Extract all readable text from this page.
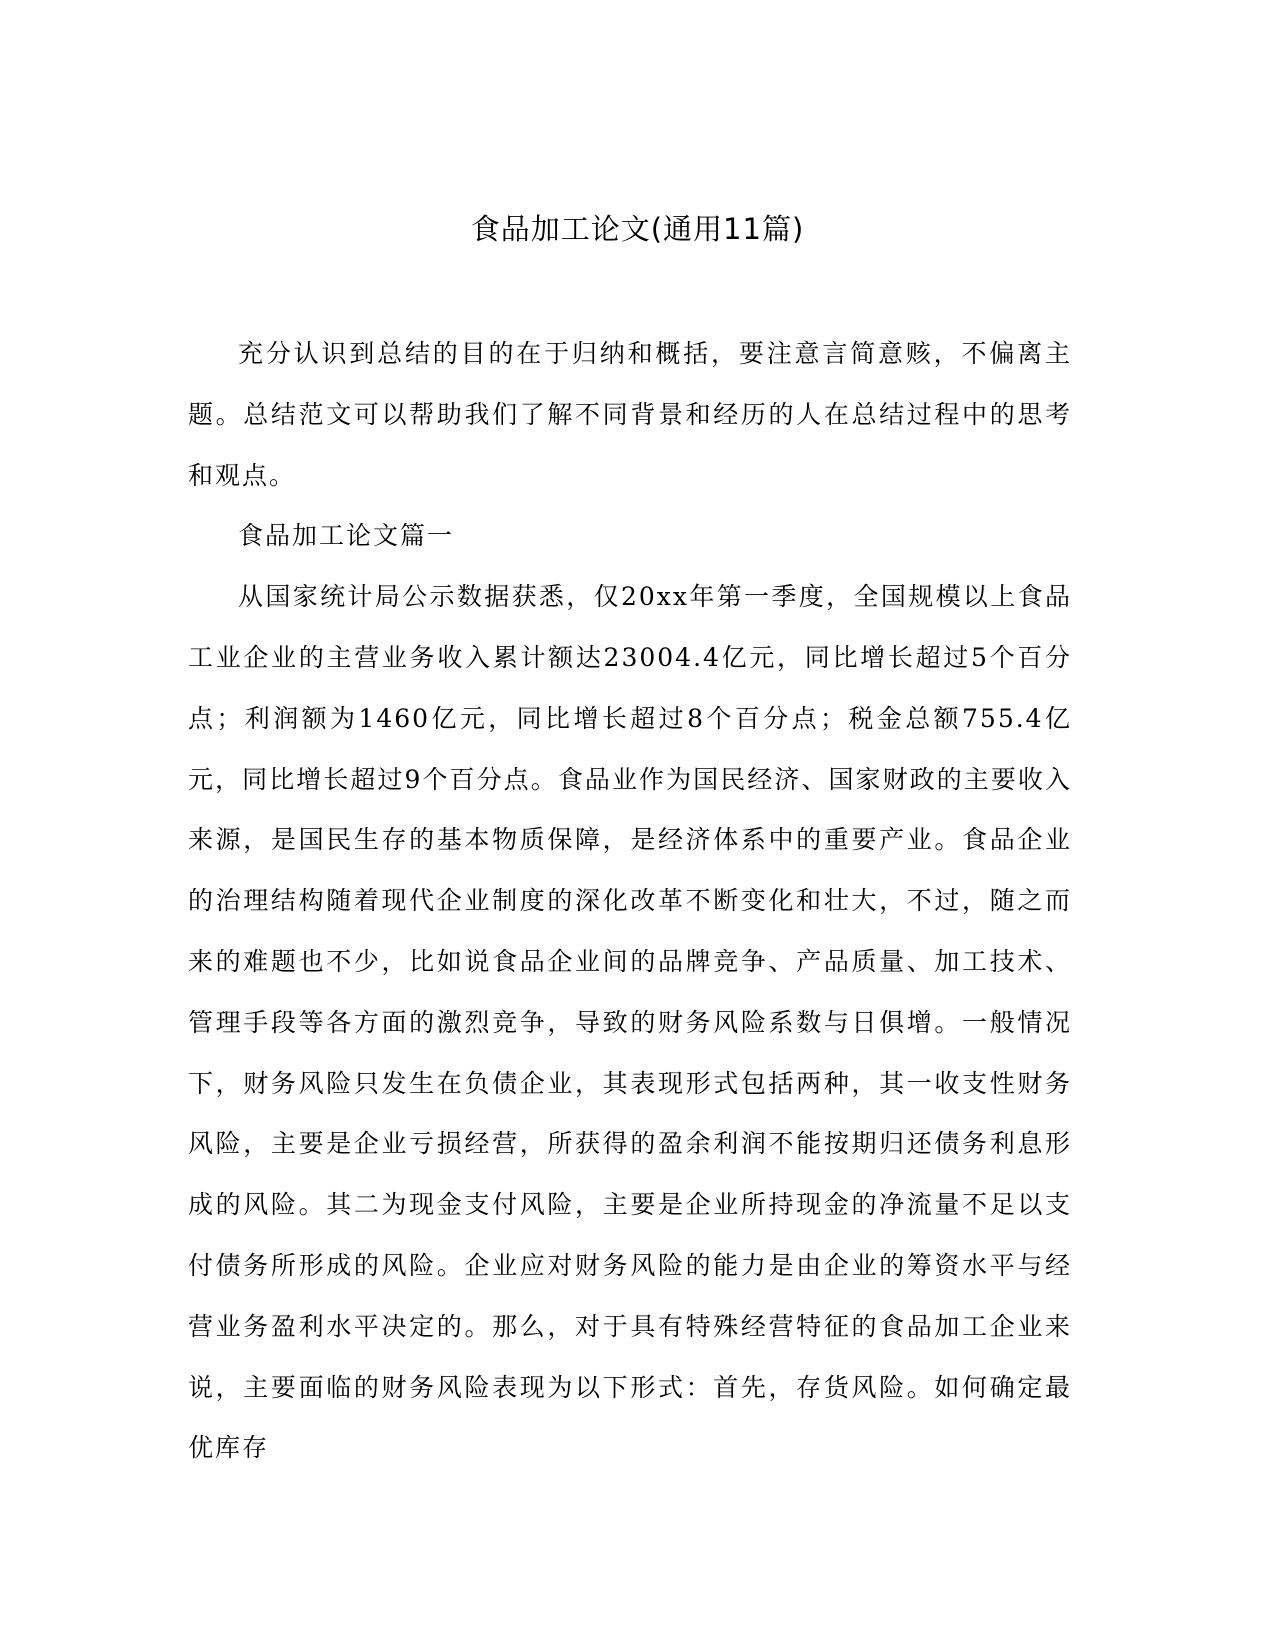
食品加工论文(通用11篇)

充分认识到总结的目的在于归纳和概括，要注意言简意赅，不偏离主题。总结范文可以帮助我们了解不同背景和经历的人在总结过程中的思考和观点。

食品加工论文篇一

从国家统计局公示数据获悉，仅20xx年第一季度，全国规模以上食品工业企业的主营业务收入累计额达23004.4亿元，同比增长超过5个百分点；利润额为1460亿元，同比增长超过8个百分点；税金总额755.4亿元，同比增长超过9个百分点。食品业作为国民经济、国家财政的主要收入来源，是国民生存的基本物质保障，是经济体系中的重要产业。食品企业的治理结构随着现代企业制度的深化改革不断变化和壮大，不过，随之而来的难题也不少，比如说食品企业间的品牌竞争、产品质量、加工技术、管理手段等各方面的激烈竞争，导致的财务风险系数与日俱增。一般情况下，财务风险只发生在负债企业，其表现形式包括两种，其一收支性财务风险，主要是企业亏损经营，所获得的盈余利润不能按期归还债务利息形成的风险。其二为现金支付风险，主要是企业所持现金的净流量不足以支付债务所形成的风险。企业应对财务风险的能力是由企业的筹资水平与经营业务盈利水平决定的。那么，对于具有特殊经营特征的食品加工企业来说，主要面临的财务风险表现为以下形式：首先，存货风险。如何确定最优库存
